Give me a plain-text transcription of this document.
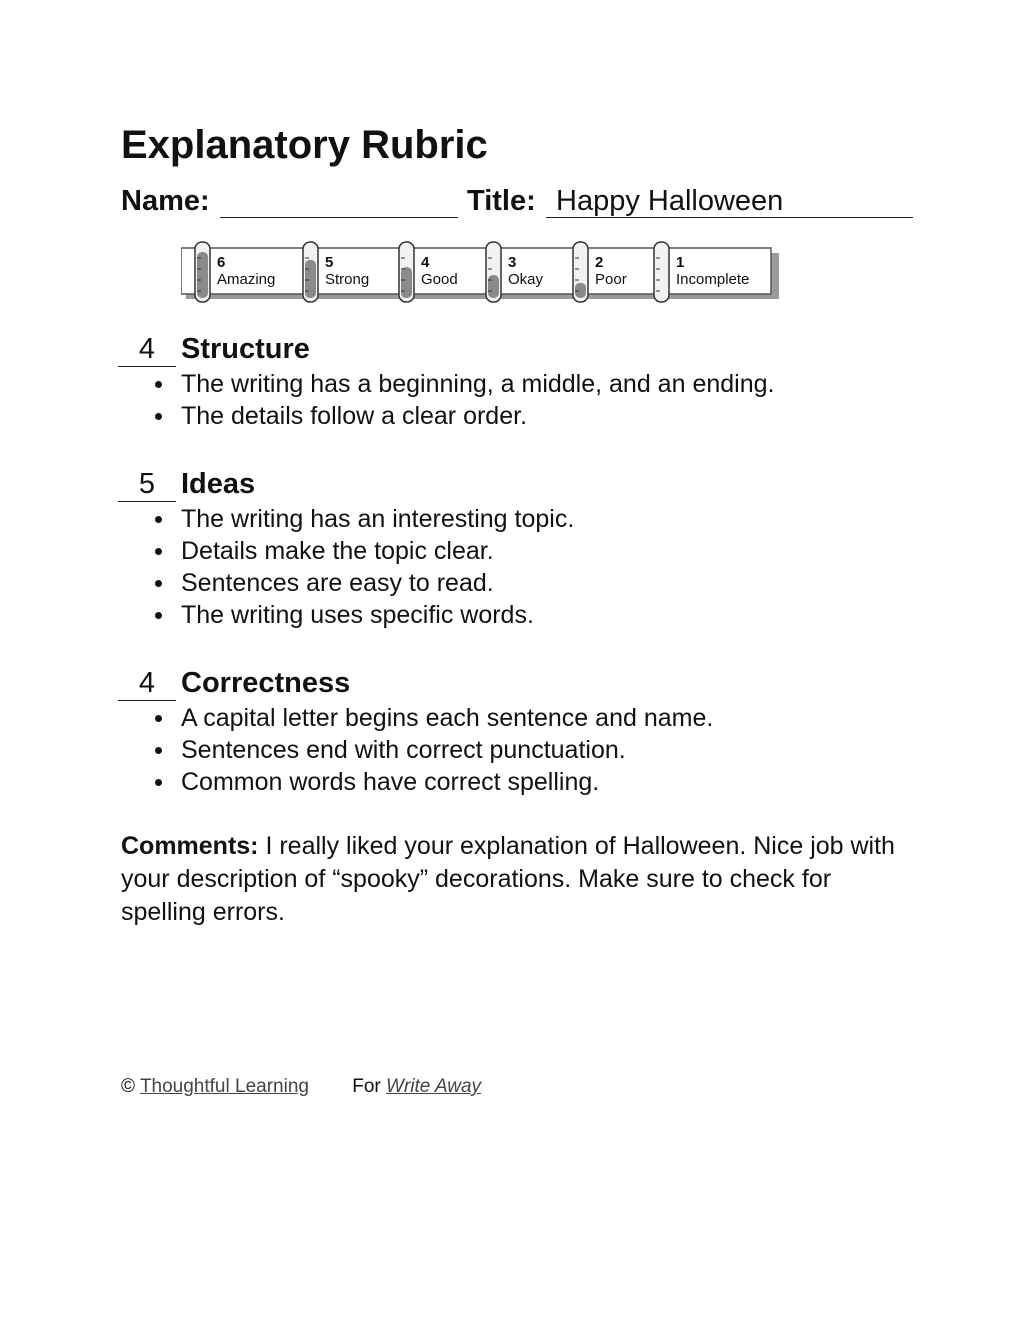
Explanatory Rubric
Name:	Title: Happy Halloween
6
Amazing
5
Strong
4
Good
3
Okay
2
Poor
1
Incomplete
4 Structure
The writing has a beginning, a middle, and an ending.
The details follow a clear order.
5 Ideas
The writing has an interesting topic.
Details make the topic clear.
Sentences are easy to read.
The writing uses specific words.
4 Correctness
A capital letter begins each sentence and name.
Sentences end with correct punctuation.
Common words have correct spelling.

Comments: I really liked your explanation of Halloween. Nice job with your description of “spooky” decorations. Make sure to check for spelling errors.

© Thoughtful Learning For Write Away
